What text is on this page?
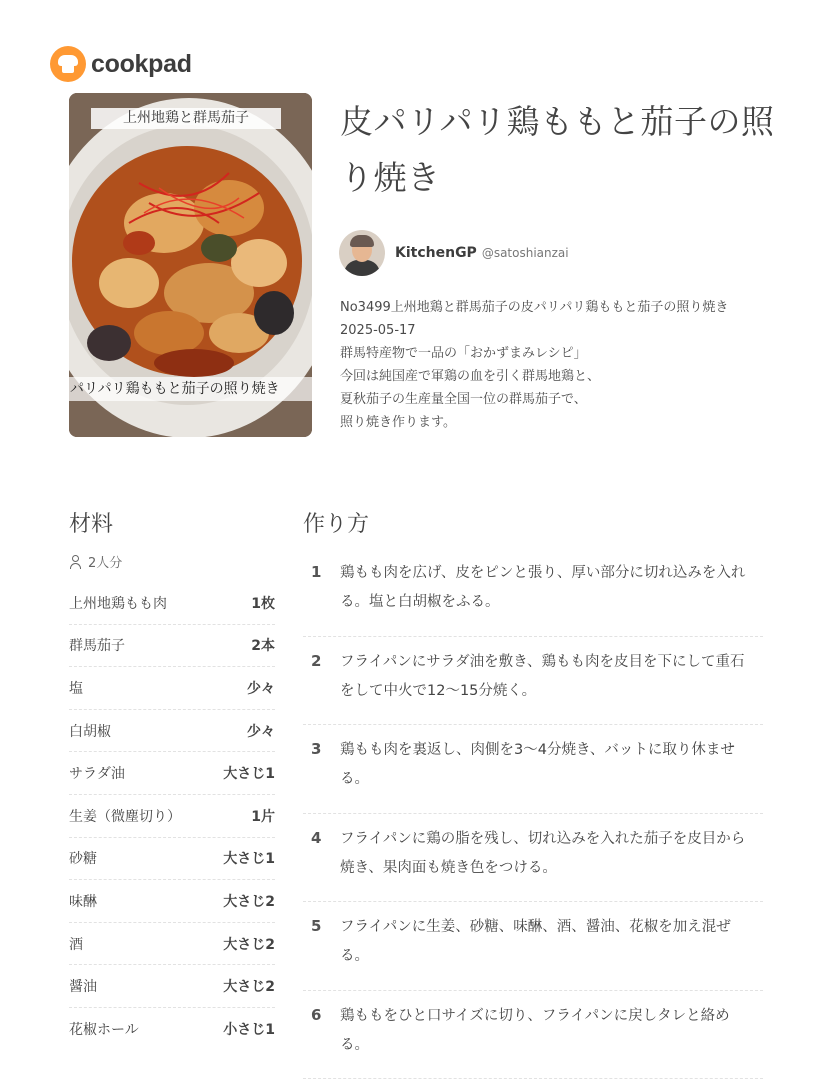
cookpad
上州地鶏と群馬茄子
パリパリ鶏ももと茄子の照り焼き
皮パリパリ鶏ももと茄子の照り焼き
KitchenGP @satoshianzai
No3499上州地鶏と群馬茄子の皮パリパリ鶏ももと茄子の照り焼き
2025-05-17
群馬特産物で一品の「おかずまみレシピ」
今回は純国産で軍鶏の血を引く群馬地鶏と、
夏秋茄子の生産量全国一位の群馬茄子で、
照り焼き作ります。
材料
2人分
上州地鶏もも肉	1枚
群馬茄子	2本
塩	少々
白胡椒	少々
サラダ油	大さじ1
生姜（微塵切り）	1片
砂糖	大さじ1
味醂	大さじ2
酒	大さじ2
醤油	大さじ2
花椒ホール	小さじ1
作り方
1	鶏もも肉を広げ、皮をピンと張り、厚い部分に切れ込みを入れる。塩と白胡椒をふる。
2	フライパンにサラダ油を敷き、鶏もも肉を皮目を下にして重石をして中火で12〜15分焼く。
3	鶏もも肉を裏返し、肉側を3〜4分焼き、バットに取り休ませる。
4	フライパンに鶏の脂を残し、切れ込みを入れた茄子を皮目から焼き、果肉面も焼き色をつける。
5	フライパンに生姜、砂糖、味醂、酒、醤油、花椒を加え混ぜる。
6	鶏ももをひと口サイズに切り、フライパンに戻しタレと絡める。
